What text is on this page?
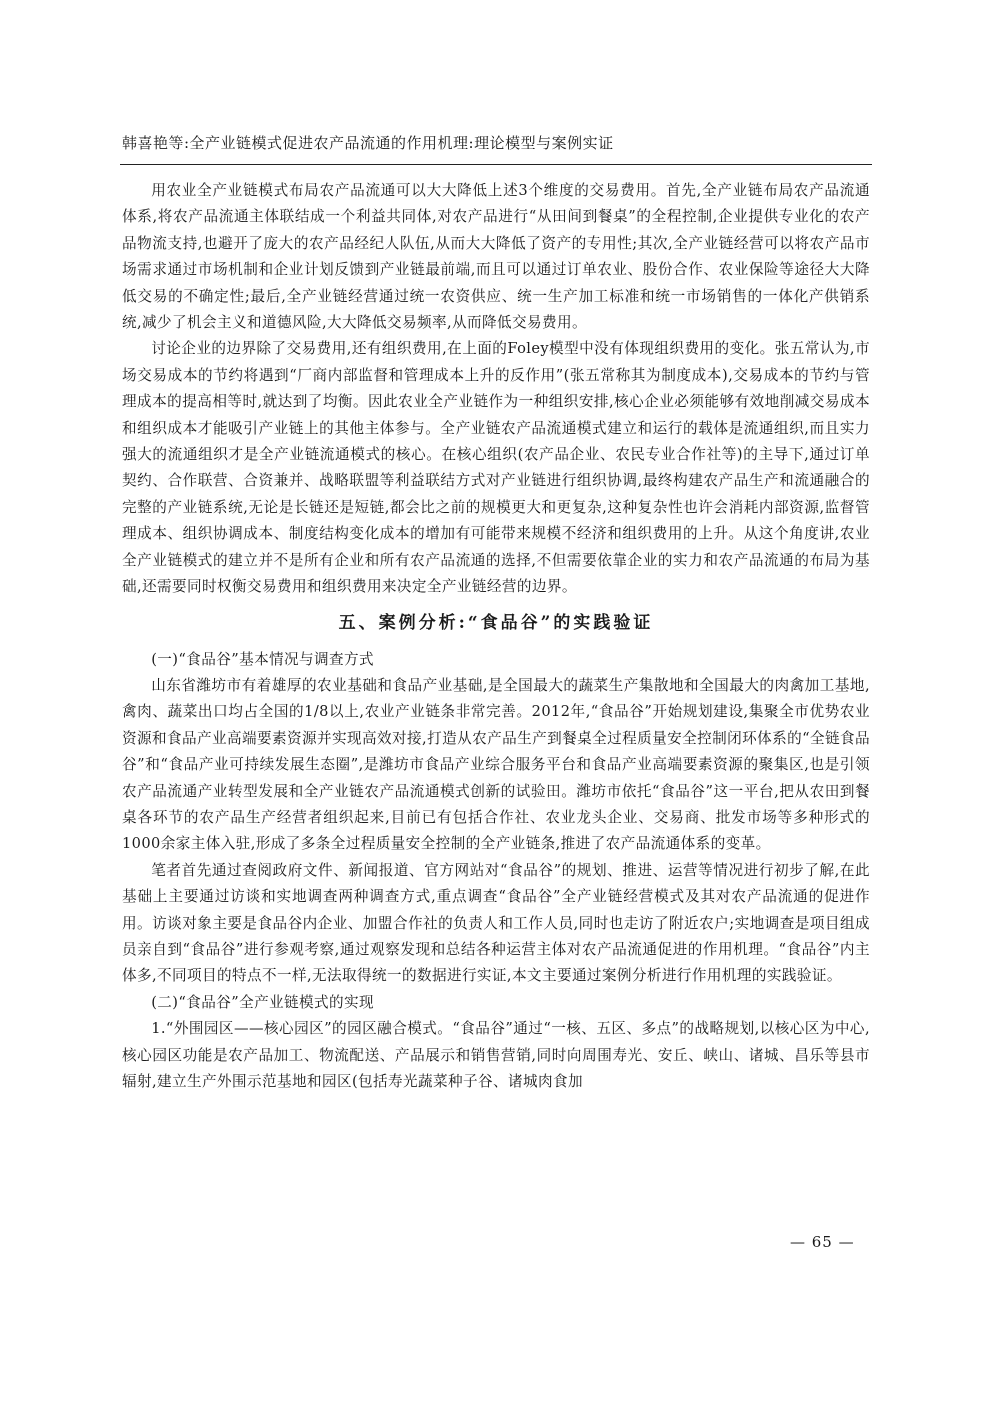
韩喜艳等:全产业链模式促进农产品流通的作用机理:理论模型与案例实证

用农业全产业链模式布局农产品流通可以大大降低上述3个维度的交易费用。首先,全产业链布局农产品流通体系,将农产品流通主体联结成一个利益共同体,对农产品进行“从田间到餐桌”的全程控制,企业提供专业化的农产品物流支持,也避开了庞大的农产品经纪人队伍,从而大大降低了资产的专用性;其次,全产业链经营可以将农产品市场需求通过市场机制和企业计划反馈到产业链最前端,而且可以通过订单农业、股份合作、农业保险等途径大大降低交易的不确定性;最后,全产业链经营通过统一农资供应、统一生产加工标准和统一市场销售的一体化产供销系统,减少了机会主义和道德风险,大大降低交易频率,从而降低交易费用。

讨论企业的边界除了交易费用,还有组织费用,在上面的Foley模型中没有体现组织费用的变化。张五常认为,市场交易成本的节约将遇到“厂商内部监督和管理成本上升的反作用”(张五常称其为制度成本),交易成本的节约与管理成本的提高相等时,就达到了均衡。因此农业全产业链作为一种组织安排,核心企业必须能够有效地削减交易成本和组织成本才能吸引产业链上的其他主体参与。全产业链农产品流通模式建立和运行的载体是流通组织,而且实力强大的流通组织才是全产业链流通模式的核心。在核心组织(农产品企业、农民专业合作社等)的主导下,通过订单契约、合作联营、合资兼并、战略联盟等利益联结方式对产业链进行组织协调,最终构建农产品生产和流通融合的完整的产业链系统,无论是长链还是短链,都会比之前的规模更大和更复杂,这种复杂性也许会消耗内部资源,监督管理成本、组织协调成本、制度结构变化成本的增加有可能带来规模不经济和组织费用的上升。从这个角度讲,农业全产业链模式的建立并不是所有企业和所有农产品流通的选择,不但需要依靠企业的实力和农产品流通的布局为基础,还需要同时权衡交易费用和组织费用来决定全产业链经营的边界。

五、案例分析:“食品谷”的实践验证

(一)“食品谷”基本情况与调查方式

山东省潍坊市有着雄厚的农业基础和食品产业基础,是全国最大的蔬菜生产集散地和全国最大的肉禽加工基地,禽肉、蔬菜出口均占全国的1/8以上,农业产业链条非常完善。2012年,“食品谷”开始规划建设,集聚全市优势农业资源和食品产业高端要素资源并实现高效对接,打造从农产品生产到餐桌全过程质量安全控制闭环体系的“全链食品谷”和“食品产业可持续发展生态圈”,是潍坊市食品产业综合服务平台和食品产业高端要素资源的聚集区,也是引领农产品流通产业转型发展和全产业链农产品流通模式创新的试验田。潍坊市依托“食品谷”这一平台,把从农田到餐桌各环节的农产品生产经营者组织起来,目前已有包括合作社、农业龙头企业、交易商、批发市场等多种形式的1000余家主体入驻,形成了多条全过程质量安全控制的全产业链条,推进了农产品流通体系的变革。

笔者首先通过查阅政府文件、新闻报道、官方网站对“食品谷”的规划、推进、运营等情况进行初步了解,在此基础上主要通过访谈和实地调查两种调查方式,重点调查“食品谷”全产业链经营模式及其对农产品流通的促进作用。访谈对象主要是食品谷内企业、加盟合作社的负责人和工作人员,同时也走访了附近农户;实地调查是项目组成员亲自到“食品谷”进行参观考察,通过观察发现和总结各种运营主体对农产品流通促进的作用机理。“食品谷”内主体多,不同项目的特点不一样,无法取得统一的数据进行实证,本文主要通过案例分析进行作用机理的实践验证。

(二)“食品谷”全产业链模式的实现

1.“外围园区——核心园区”的园区融合模式。“食品谷”通过“一核、五区、多点”的战略规划,以核心区为中心,核心园区功能是农产品加工、物流配送、产品展示和销售营销,同时向周围寿光、安丘、峡山、诸城、昌乐等县市辐射,建立生产外围示范基地和园区(包括寿光蔬菜种子谷、诸城肉食加

— 65 —
